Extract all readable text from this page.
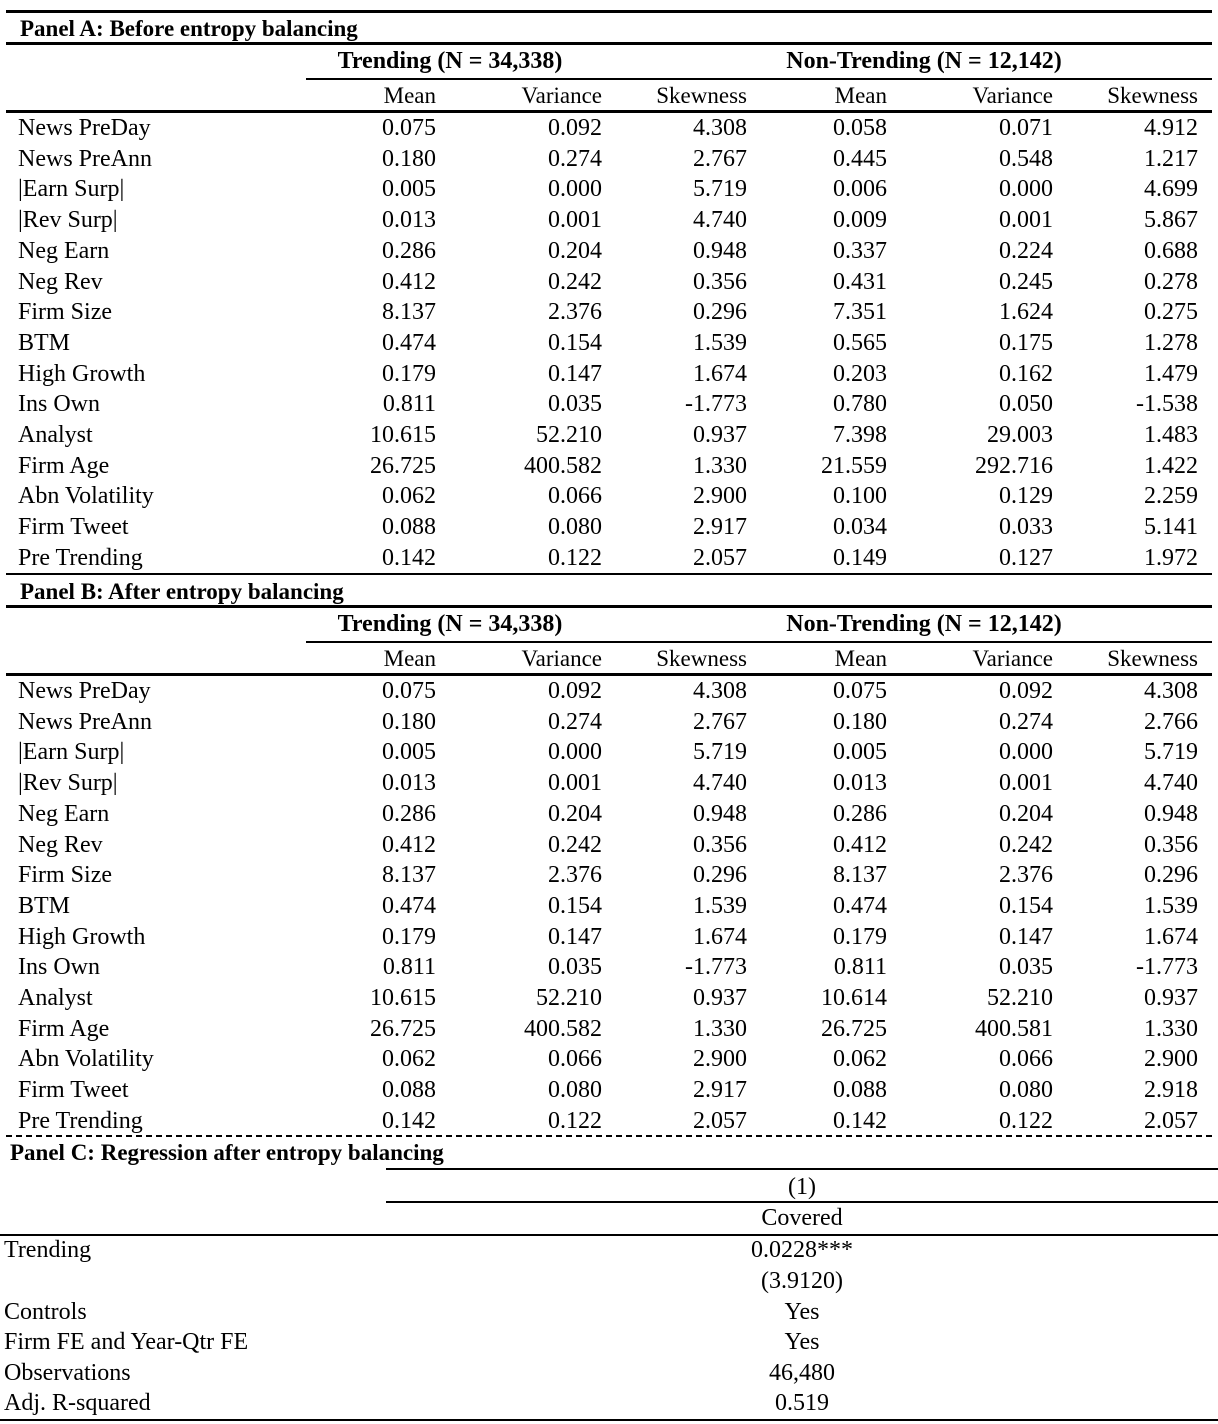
Panel A: Before entropy balancing
Trending (N = 34,338)	Non-Trending (N = 12,142)
Mean	Variance Skewness	Mean	Variance Skewness
News PreDay	0.075	0.092	4.308	0.058	0.071	4.912
News PreAnn	0.180	0.274	2.767	0.445	0.548	1.217
|Earn Surp|	0.005	0.000	5.719	0.006	0.000	4.699
|Rev Surp|	0.013	0.001	4.740	0.009	0.001	5.867
Neg Earn	0.286	0.204	0.948	0.337	0.224	0.688
Neg Rev	0.412	0.242	0.356	0.431	0.245	0.278
Firm Size	8.137	2.376	0.296	7.351	1.624	0.275
BTM	0.474	0.154	1.539	0.565	0.175	1.278
High Growth	0.179	0.147	1.674	0.203	0.162	1.479
Ins Own	0.811	0.035	-1.773	0.780	0.050	-1.538
Analyst	10.615	52.210	0.937	7.398	29.003	1.483
Firm Age	26.725	400.582	1.330	21.559	292.716	1.422
Abn Volatility	0.062	0.066	2.900	0.100	0.129	2.259
Firm Tweet	0.088	0.080	2.917	0.034	0.033	5.141
Pre Trending	0.142	0.122	2.057	0.149	0.127	1.972
Panel B: After entropy balancing
Trending (N = 34,338)	Non-Trending (N = 12,142)
Mean	Variance Skewness	Mean	Variance Skewness
News PreDay	0.075	0.092	4.308	0.075	0.092	4.308
News PreAnn	0.180	0.274	2.767	0.180	0.274	2.766
|Earn Surp|	0.005	0.000	5.719	0.005	0.000	5.719
|Rev Surp|	0.013	0.001	4.740	0.013	0.001	4.740
Neg Earn	0.286	0.204	0.948	0.286	0.204	0.948
Neg Rev	0.412	0.242	0.356	0.412	0.242	0.356
Firm Size	8.137	2.376	0.296	8.137	2.376	0.296
BTM	0.474	0.154	1.539	0.474	0.154	1.539
High Growth	0.179	0.147	1.674	0.179	0.147	1.674
Ins Own	0.811	0.035	-1.773	0.811	0.035	-1.773
Analyst	10.615	52.210	0.937	10.614	52.210	0.937
Firm Age	26.725	400.582	1.330	26.725	400.581	1.330
Abn Volatility	0.062	0.066	2.900	0.062	0.066	2.900
Firm Tweet	0.088	0.080	2.917	0.088	0.080	2.918
Pre Trending	0.142	0.122	2.057	0.142	0.122	2.057
Panel C: Regression after entropy balancing
(1)
Covered
Trending	0.0228***
(3.9120)
Controls	Yes
Firm FE and Year-Qtr FE	Yes
Observations	46,480
Adj. R-squared	0.519
